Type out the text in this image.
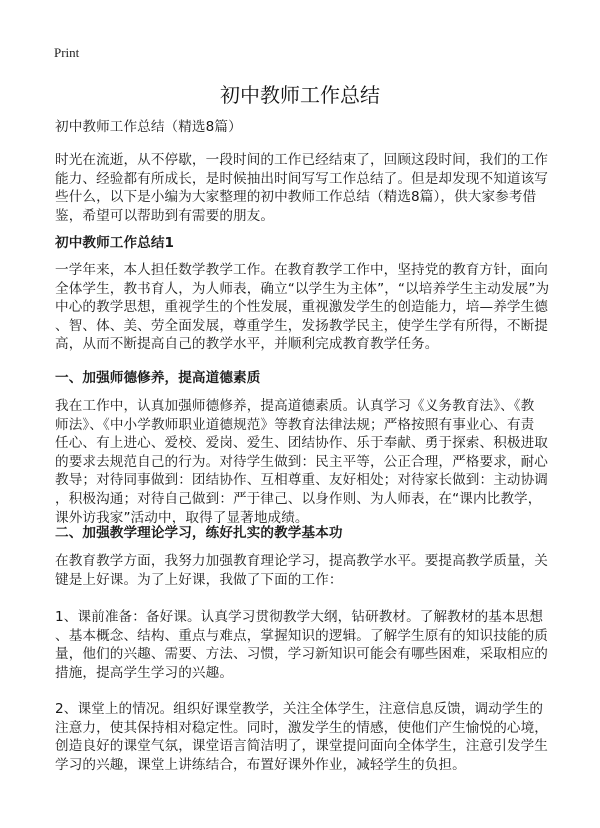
Print
初中教师工作总结
初中教师工作总结（精选8篇）
时光在流逝，从不停歇，一段时间的工作已经结束了，回顾这段时间，我们的工作
能力、经验都有所成长，是时候抽出时间写写工作总结了。但是却发现不知道该写
些什么，以下是小编为大家整理的初中教师工作总结（精选8篇），供大家参考借
鉴，希望可以帮助到有需要的朋友。
初中教师工作总结1
一学年来，本人担任数学教学工作。在教育教学工作中，坚持党的教育方针，面向
全体学生，教书育人，为人师表，确立“以学生为主体”，“以培养学生主动发展”为
中心的教学思想，重视学生的个性发展，重视激发学生的创造能力，培—养学生德
、智、体、美、劳全面发展，尊重学生，发扬教学民主，使学生学有所得，不断提
高，从而不断提高自己的教学水平，并顺利完成教育教学任务。
一、加强师德修养，提高道德素质
我在工作中，认真加强师德修养，提高道德素质。认真学习《义务教育法》、《教
师法》、《中小学教师职业道德规范》等教育法律法规；严格按照有事业心、有责
任心、有上进心、爱校、爱岗、爱生、团结协作、乐于奉献、勇于探索、积极进取
的要求去规范自己的行为。对待学生做到：民主平等，公正合理，严格要求，耐心
教导；对待同事做到：团结协作、互相尊重、友好相处；对待家长做到：主动协调
，积极沟通；对待自己做到：严于律己、以身作则、为人师表，在“课内比教学，
课外访我家”活动中，取得了显著地成绩。
二、加强教学理论学习，练好扎实的教学基本功
在教育教学方面，我努力加强教育理论学习，提高教学水平。要提高教学质量，关
键是上好课。为了上好课，我做了下面的工作：
1、课前准备：备好课。认真学习贯彻教学大纲，钻研教材。了解教材的基本思想
、基本概念、结构、重点与难点，掌握知识的逻辑。了解学生原有的知识技能的质
量，他们的兴趣、需要、方法、习惯，学习新知识可能会有哪些困难，采取相应的
措施，提高学生学习的兴趣。
2、课堂上的情况。组织好课堂教学，关注全体学生，注意信息反馈，调动学生的
注意力，使其保持相对稳定性。同时，激发学生的情感，使他们产生愉悦的心境，
创造良好的课堂气氛，课堂语言简洁明了，课堂提问面向全体学生，注意引发学生
学习的兴趣，课堂上讲练结合，布置好课外作业，减轻学生的负担。
